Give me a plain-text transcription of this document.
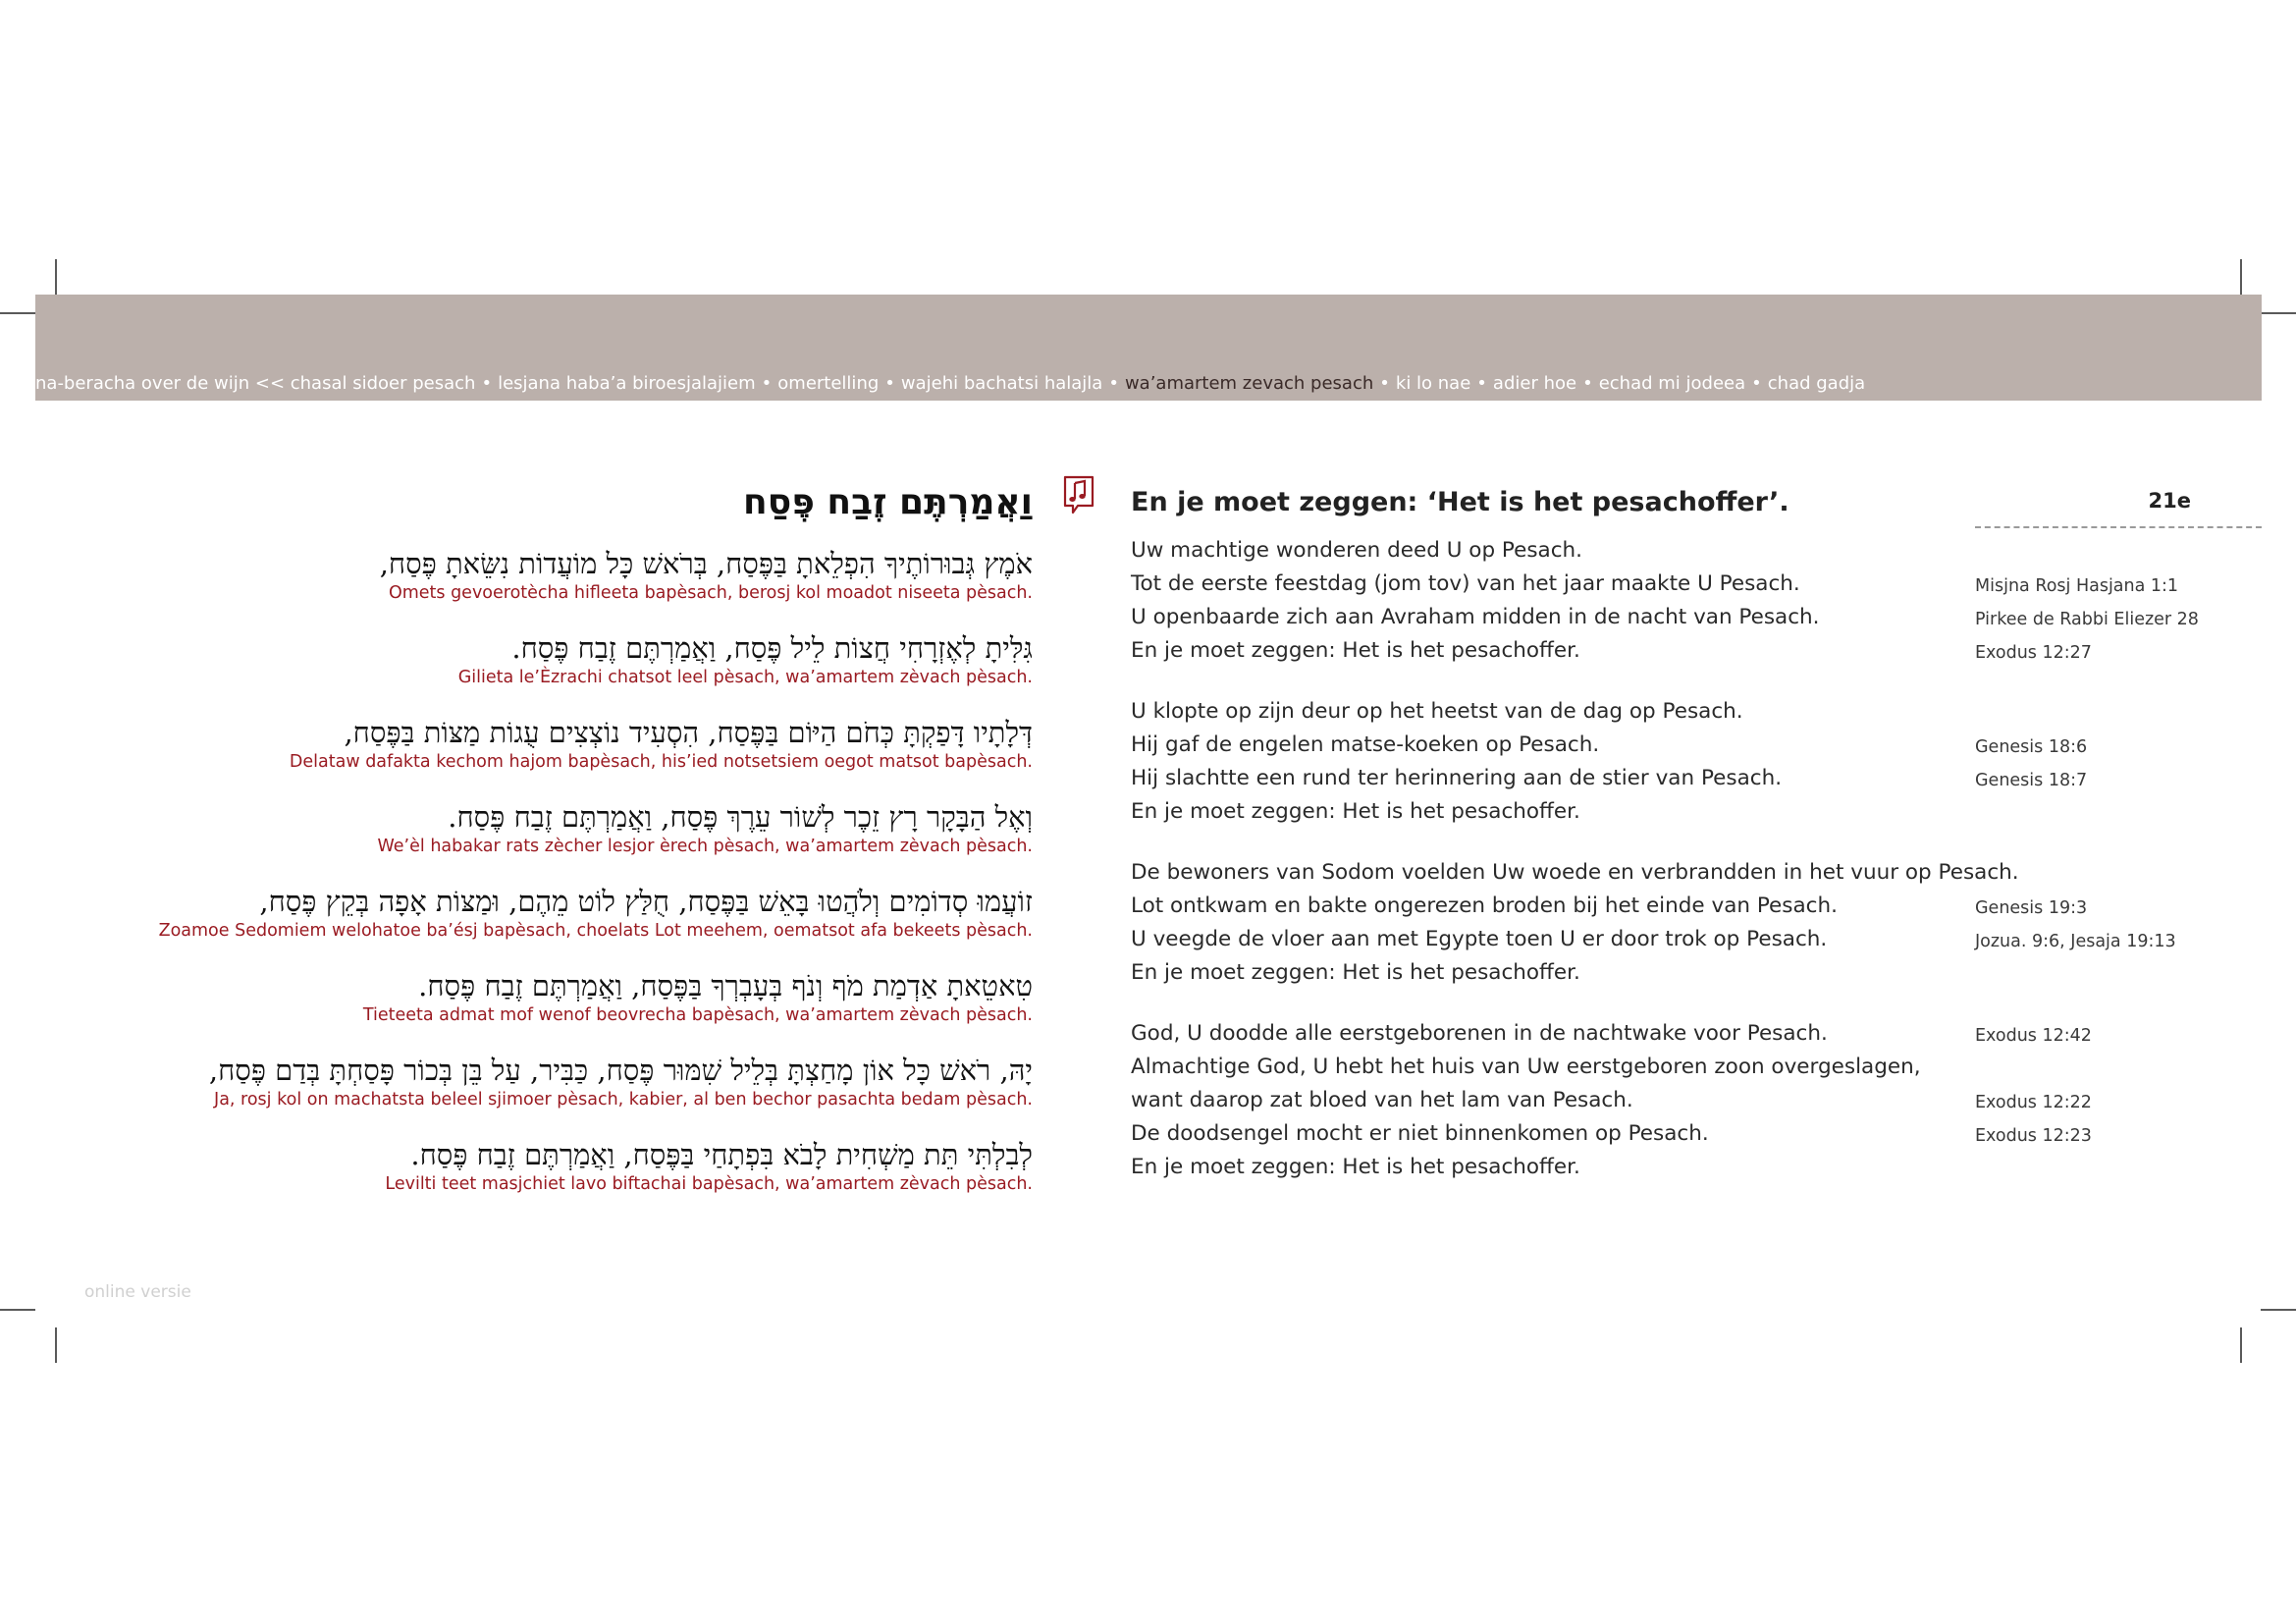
na-beracha over de wijn << chasal sidoer pesach • lesjana haba’a biroesjalajiem • omertelling • wajehi bachatsi halajla • wa’amartem zevach pesach • ki lo nae • adier hoe • echad mi jodeea • chad gadja
וַאֲמַרְתֶּם זֶבַח פֶּסַח
אֹמֶץ גְּבוּרוֹתֶיךָ הִפְלֵאתָ בַּפֶּסַח, בְּרֹאשׁ כָּל מוֹעֲדוֹת נִשֵּׂאתָ פֶּסַח,
Omets gevoerotècha hifleeta bapèsach, berosj kol moadot niseeta pèsach.
גִּלִּיתָ לְאֶזְרָחִי חֲצוֹת לֵיל פֶּסַח, וַאֲמַרְתֶּם זֶבַח פֶּסַח.
Gilieta le’Èzrachi chatsot leel pèsach, wa’amartem zèvach pèsach.
דְּלָתָיו דָּפַקְתָּ כְּחֹם הַיּוֹם בַּפֶּסַח, הִסְעִיד נוֹצְצִים עֻגוֹת מַצּוֹת בַּפֶּסַח,
Delataw dafakta kechom hajom bapèsach, his’ied notsetsiem oegot matsot bapèsach.
וְאֶל הַבָּקָר רָץ זֵכֶר לְשׁוֹר עֵרֶךְ פֶּסַח, וַאֲמַרְתֶּם זֶבַח פֶּסַח.
We’èl habakar rats zècher lesjor èrech pèsach, wa’amartem zèvach pèsach.
זוֹעֲמוּ סְדוֹמִים וְלֹהֲטוּ בָּאֵשׁ בַּפֶּסַח, חֻלַּץ לוֹט מֵהֶם, וּמַצּוֹת אָפָה בְּקֵץ פֶּסַח,
Zoamoe Sedomiem welohatoe ba’ésj bapèsach, choelats Lot meehem, oematsot afa bekeets pèsach.
טִאטֵאתָ אַדְמַת מֹף וְנֹף בְּעָבְרְךָ בַּפֶּסַח, וַאֲמַרְתֶּם זֶבַח פֶּסַח.
Tieteeta admat mof wenof beovrecha bapèsach, wa’amartem zèvach pèsach.
יָהּ, רֹאשׁ כָּל אוֹן מָחַצְתָּ בְּלֵיל שִׁמּוּר פֶּסַח, כַּבִּיר, עַל בֵּן בְּכוֹר פָּסַחְתָּ בְּדַם פֶּסַח,
Ja, rosj kol on machatsta beleel sjimoer pèsach, kabier, al ben bechor pasachta bedam pèsach.
לְבִלְתִּי תֵּת מַשְׁחִית לָבֹא בִּפְתָחַי בַּפֶּסַח, וַאֲמַרְתֶּם זֶבַח פֶּסַח.
Levilti teet masjchiet lavo biftachai bapèsach, wa’amartem zèvach pèsach.
En je moet zeggen: ‘Het is het pesachoffer’.	21e
Uw machtige wonderen deed U op Pesach.
Tot de eerste feestdag (jom tov) van het jaar maakte U Pesach.	Misjna Rosj Hasjana 1:1
U openbaarde zich aan Avraham midden in de nacht van Pesach.	Pirkee de Rabbi Eliezer 28
En je moet zeggen: Het is het pesachoffer.	Exodus 12:27
U klopte op zijn deur op het heetst van de dag op Pesach.
Hij gaf de engelen matse-koeken op Pesach.	Genesis 18:6
Hij slachtte een rund ter herinnering aan de stier van Pesach.	Genesis 18:7
En je moet zeggen: Het is het pesachoffer.
De bewoners van Sodom voelden Uw woede en verbrandden in het vuur op Pesach.
Lot ontkwam en bakte ongerezen broden bij het einde van Pesach.	Genesis 19:3
U veegde de vloer aan met Egypte toen U er door trok op Pesach.	Jozua. 9:6, Jesaja 19:13
En je moet zeggen: Het is het pesachoffer.
God, U doodde alle eerstgeborenen in de nachtwake voor Pesach.	Exodus 12:42
Almachtige God, U hebt het huis van Uw eerstgeboren zoon overgeslagen,
want daarop zat bloed van het lam van Pesach.	Exodus 12:22
De doodsengel mocht er niet binnenkomen op Pesach.	Exodus 12:23
En je moet zeggen: Het is het pesachoffer.
online versie
